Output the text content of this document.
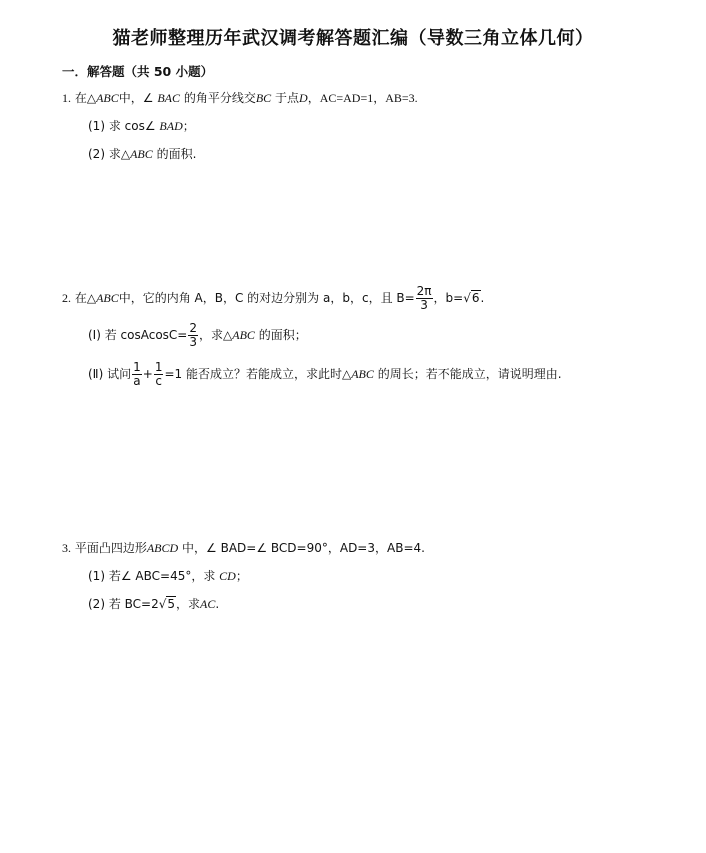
猫老师整理历年武汉调考解答题汇编（导数三角立体几何）
一．解答题（共 50 小题）
1. 在△ABC中，∠ BAC 的角平分线交BC 于点D，AC=AD=1，AB=3.
(1) 求 cos∠ BAD；
(2) 求△ABC 的面积.
2. 在△ABC中，它的内角 A，B，C 的对边分别为 a，b，c，且 $B= \frac{2\pi}{3}$ ，b=√6.
(Ⅰ) 若 cosAcosC= $\frac{2}{3}$ ，求△ABC 的面积；
(Ⅱ) 试问 $\frac{1}{a} + \frac{1}{c} =1$ 能否成立？若能成立，求此时△ABC 的周长；若不能成立，请说明理由.
3. 平面凸四边形ABCD 中，∠ BAD=∠ BCD=90°，AD=3，AB=4.
(1) 若∠ ABC=45°，求 CD；
(2) 若 BC=2√5，求AC.
